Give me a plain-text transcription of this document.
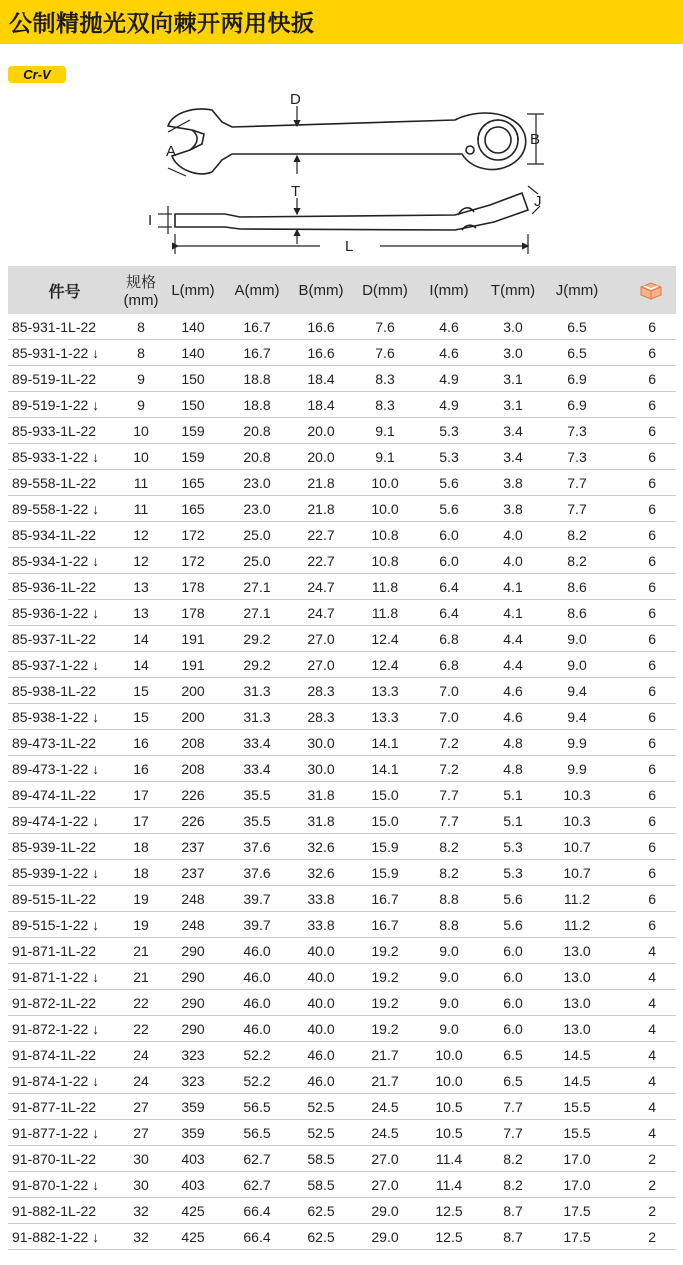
公制精抛光双向棘开两用快扳
Cr-V
D
A
B
T
I
J
L
件号	规格
(mm)	L(mm)	A(mm)	B(mm)	D(mm)	I(mm)	T(mm)	J(mm)	
85-931-1L-22	8	140	16.7	16.6	7.6	4.6	3.0	6.5	6
85-931-1-22 ↓	8	140	16.7	16.6	7.6	4.6	3.0	6.5	6
89-519-1L-22	9	150	18.8	18.4	8.3	4.9	3.1	6.9	6
89-519-1-22 ↓	9	150	18.8	18.4	8.3	4.9	3.1	6.9	6
85-933-1L-22	10	159	20.8	20.0	9.1	5.3	3.4	7.3	6
85-933-1-22 ↓	10	159	20.8	20.0	9.1	5.3	3.4	7.3	6
89-558-1L-22	11	165	23.0	21.8	10.0	5.6	3.8	7.7	6
89-558-1-22 ↓	11	165	23.0	21.8	10.0	5.6	3.8	7.7	6
85-934-1L-22	12	172	25.0	22.7	10.8	6.0	4.0	8.2	6
85-934-1-22 ↓	12	172	25.0	22.7	10.8	6.0	4.0	8.2	6
85-936-1L-22	13	178	27.1	24.7	11.8	6.4	4.1	8.6	6
85-936-1-22 ↓	13	178	27.1	24.7	11.8	6.4	4.1	8.6	6
85-937-1L-22	14	191	29.2	27.0	12.4	6.8	4.4	9.0	6
85-937-1-22 ↓	14	191	29.2	27.0	12.4	6.8	4.4	9.0	6
85-938-1L-22	15	200	31.3	28.3	13.3	7.0	4.6	9.4	6
85-938-1-22 ↓	15	200	31.3	28.3	13.3	7.0	4.6	9.4	6
89-473-1L-22	16	208	33.4	30.0	14.1	7.2	4.8	9.9	6
89-473-1-22 ↓	16	208	33.4	30.0	14.1	7.2	4.8	9.9	6
89-474-1L-22	17	226	35.5	31.8	15.0	7.7	5.1	10.3	6
89-474-1-22 ↓	17	226	35.5	31.8	15.0	7.7	5.1	10.3	6
85-939-1L-22	18	237	37.6	32.6	15.9	8.2	5.3	10.7	6
85-939-1-22 ↓	18	237	37.6	32.6	15.9	8.2	5.3	10.7	6
89-515-1L-22	19	248	39.7	33.8	16.7	8.8	5.6	11.2	6
89-515-1-22 ↓	19	248	39.7	33.8	16.7	8.8	5.6	11.2	6
91-871-1L-22	21	290	46.0	40.0	19.2	9.0	6.0	13.0	4
91-871-1-22 ↓	21	290	46.0	40.0	19.2	9.0	6.0	13.0	4
91-872-1L-22	22	290	46.0	40.0	19.2	9.0	6.0	13.0	4
91-872-1-22 ↓	22	290	46.0	40.0	19.2	9.0	6.0	13.0	4
91-874-1L-22	24	323	52.2	46.0	21.7	10.0	6.5	14.5	4
91-874-1-22 ↓	24	323	52.2	46.0	21.7	10.0	6.5	14.5	4
91-877-1L-22	27	359	56.5	52.5	24.5	10.5	7.7	15.5	4
91-877-1-22 ↓	27	359	56.5	52.5	24.5	10.5	7.7	15.5	4
91-870-1L-22	30	403	62.7	58.5	27.0	11.4	8.2	17.0	2
91-870-1-22 ↓	30	403	62.7	58.5	27.0	11.4	8.2	17.0	2
91-882-1L-22	32	425	66.4	62.5	29.0	12.5	8.7	17.5	2
91-882-1-22 ↓	32	425	66.4	62.5	29.0	12.5	8.7	17.5	2
